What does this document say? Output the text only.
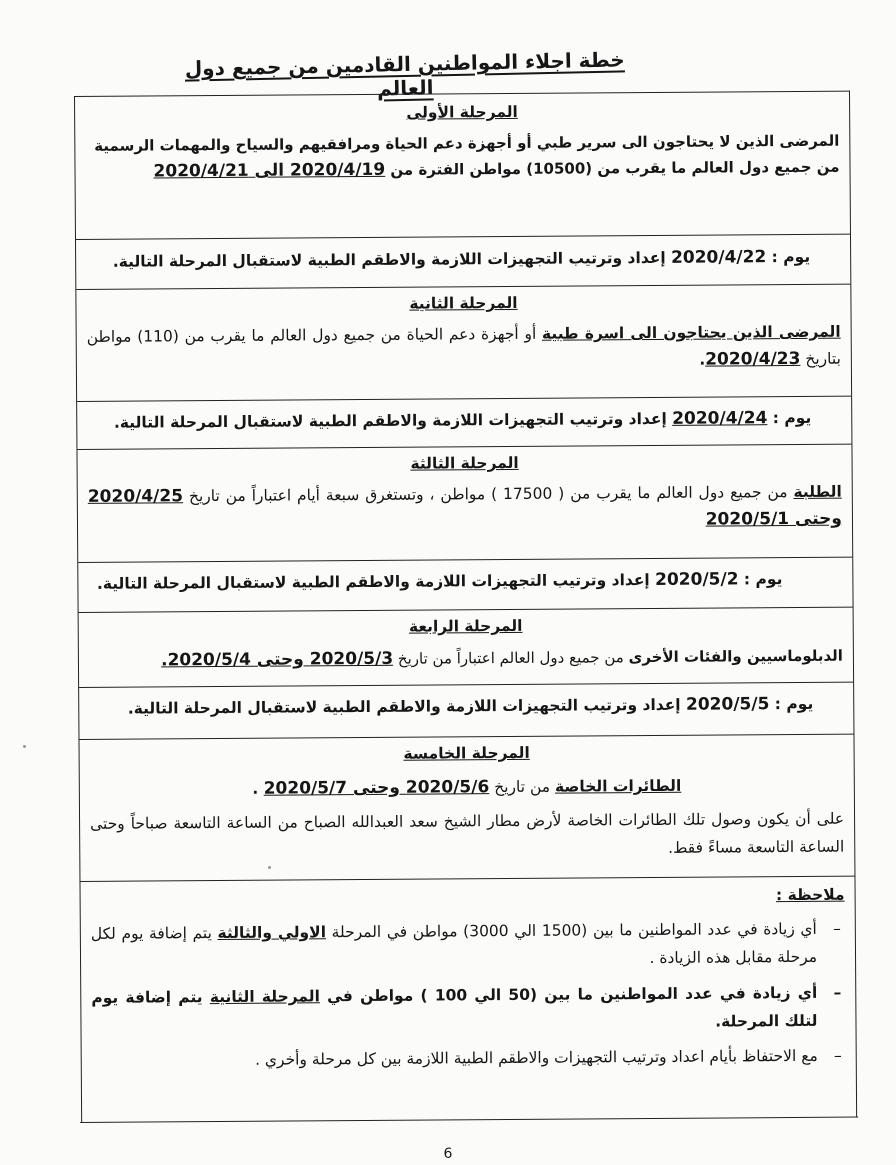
خطة اجلاء المواطنين القادمين من جميع دول العالم

المرحلة الأولى

المرضى الذين لا يحتاجون الى سرير طبي أو أجهزة دعم الحياة ومرافقيهم والسياح والمهمات الرسمية

من جميع دول العالم ما يقرب من (10500) مواطن الفترة من 2020/4/19 الى 2020/4/21

يوم : 2020/4/22 إعداد وترتيب التجهيزات اللازمة والاطقم الطبية لاستقبال المرحلة التالية.

المرحلة الثانية

المرضى الذين يحتاجون الى اسرة طبية أو أجهزة دعم الحياة من جميع دول العالم ما يقرب من (110) مواطن بتاريخ 2020/4/23.

يوم : 2020/4/24 إعداد وترتيب التجهيزات اللازمة والاطقم الطبية لاستقبال المرحلة التالية.

المرحلة الثالثة

الطلبة من جميع دول العالم ما يقرب من ( 17500 ) مواطن ، وتستغرق سبعة أيام اعتباراً من تاريخ 2020/4/25 وحتى 2020/5/1

يوم : 2020/5/2 إعداد وترتيب التجهيزات اللازمة والاطقم الطبية لاستقبال المرحلة التالية.

المرحلة الرابعة

الدبلوماسيين والفئات الأخرى من جميع دول العالم اعتباراً من تاريخ 2020/5/3 وحتى 2020/5/4.

يوم : 2020/5/5 إعداد وترتيب التجهيزات اللازمة والاطقم الطبية لاستقبال المرحلة التالية.

المرحلة الخامسة

الطائرات الخاصة من تاريخ 2020/5/6 وحتى 2020/5/7 .

على أن يكون وصول تلك الطائرات الخاصة لأرض مطار الشيخ سعد العبدالله الصباح من الساعة التاسعة صباحاً وحتى الساعة التاسعة مساءً فقط.

ملاحظة :

–
أي زيادة في عدد المواطنين ما بين (1500 الي 3000) مواطن في المرحلة الاولي والثالثة يتم إضافة يوم لكل مرحلة مقابل هذه الزيادة .
–
أي زيادة في عدد المواطنين ما بين (50 الي 100 ) مواطن في المرحلة الثانية يتم إضافة يوم لتلك المرحلة.
–
مع الاحتفاظ بأيام اعداد وترتيب التجهيزات والاطقم الطبية اللازمة بين كل مرحلة وأخري .
6
